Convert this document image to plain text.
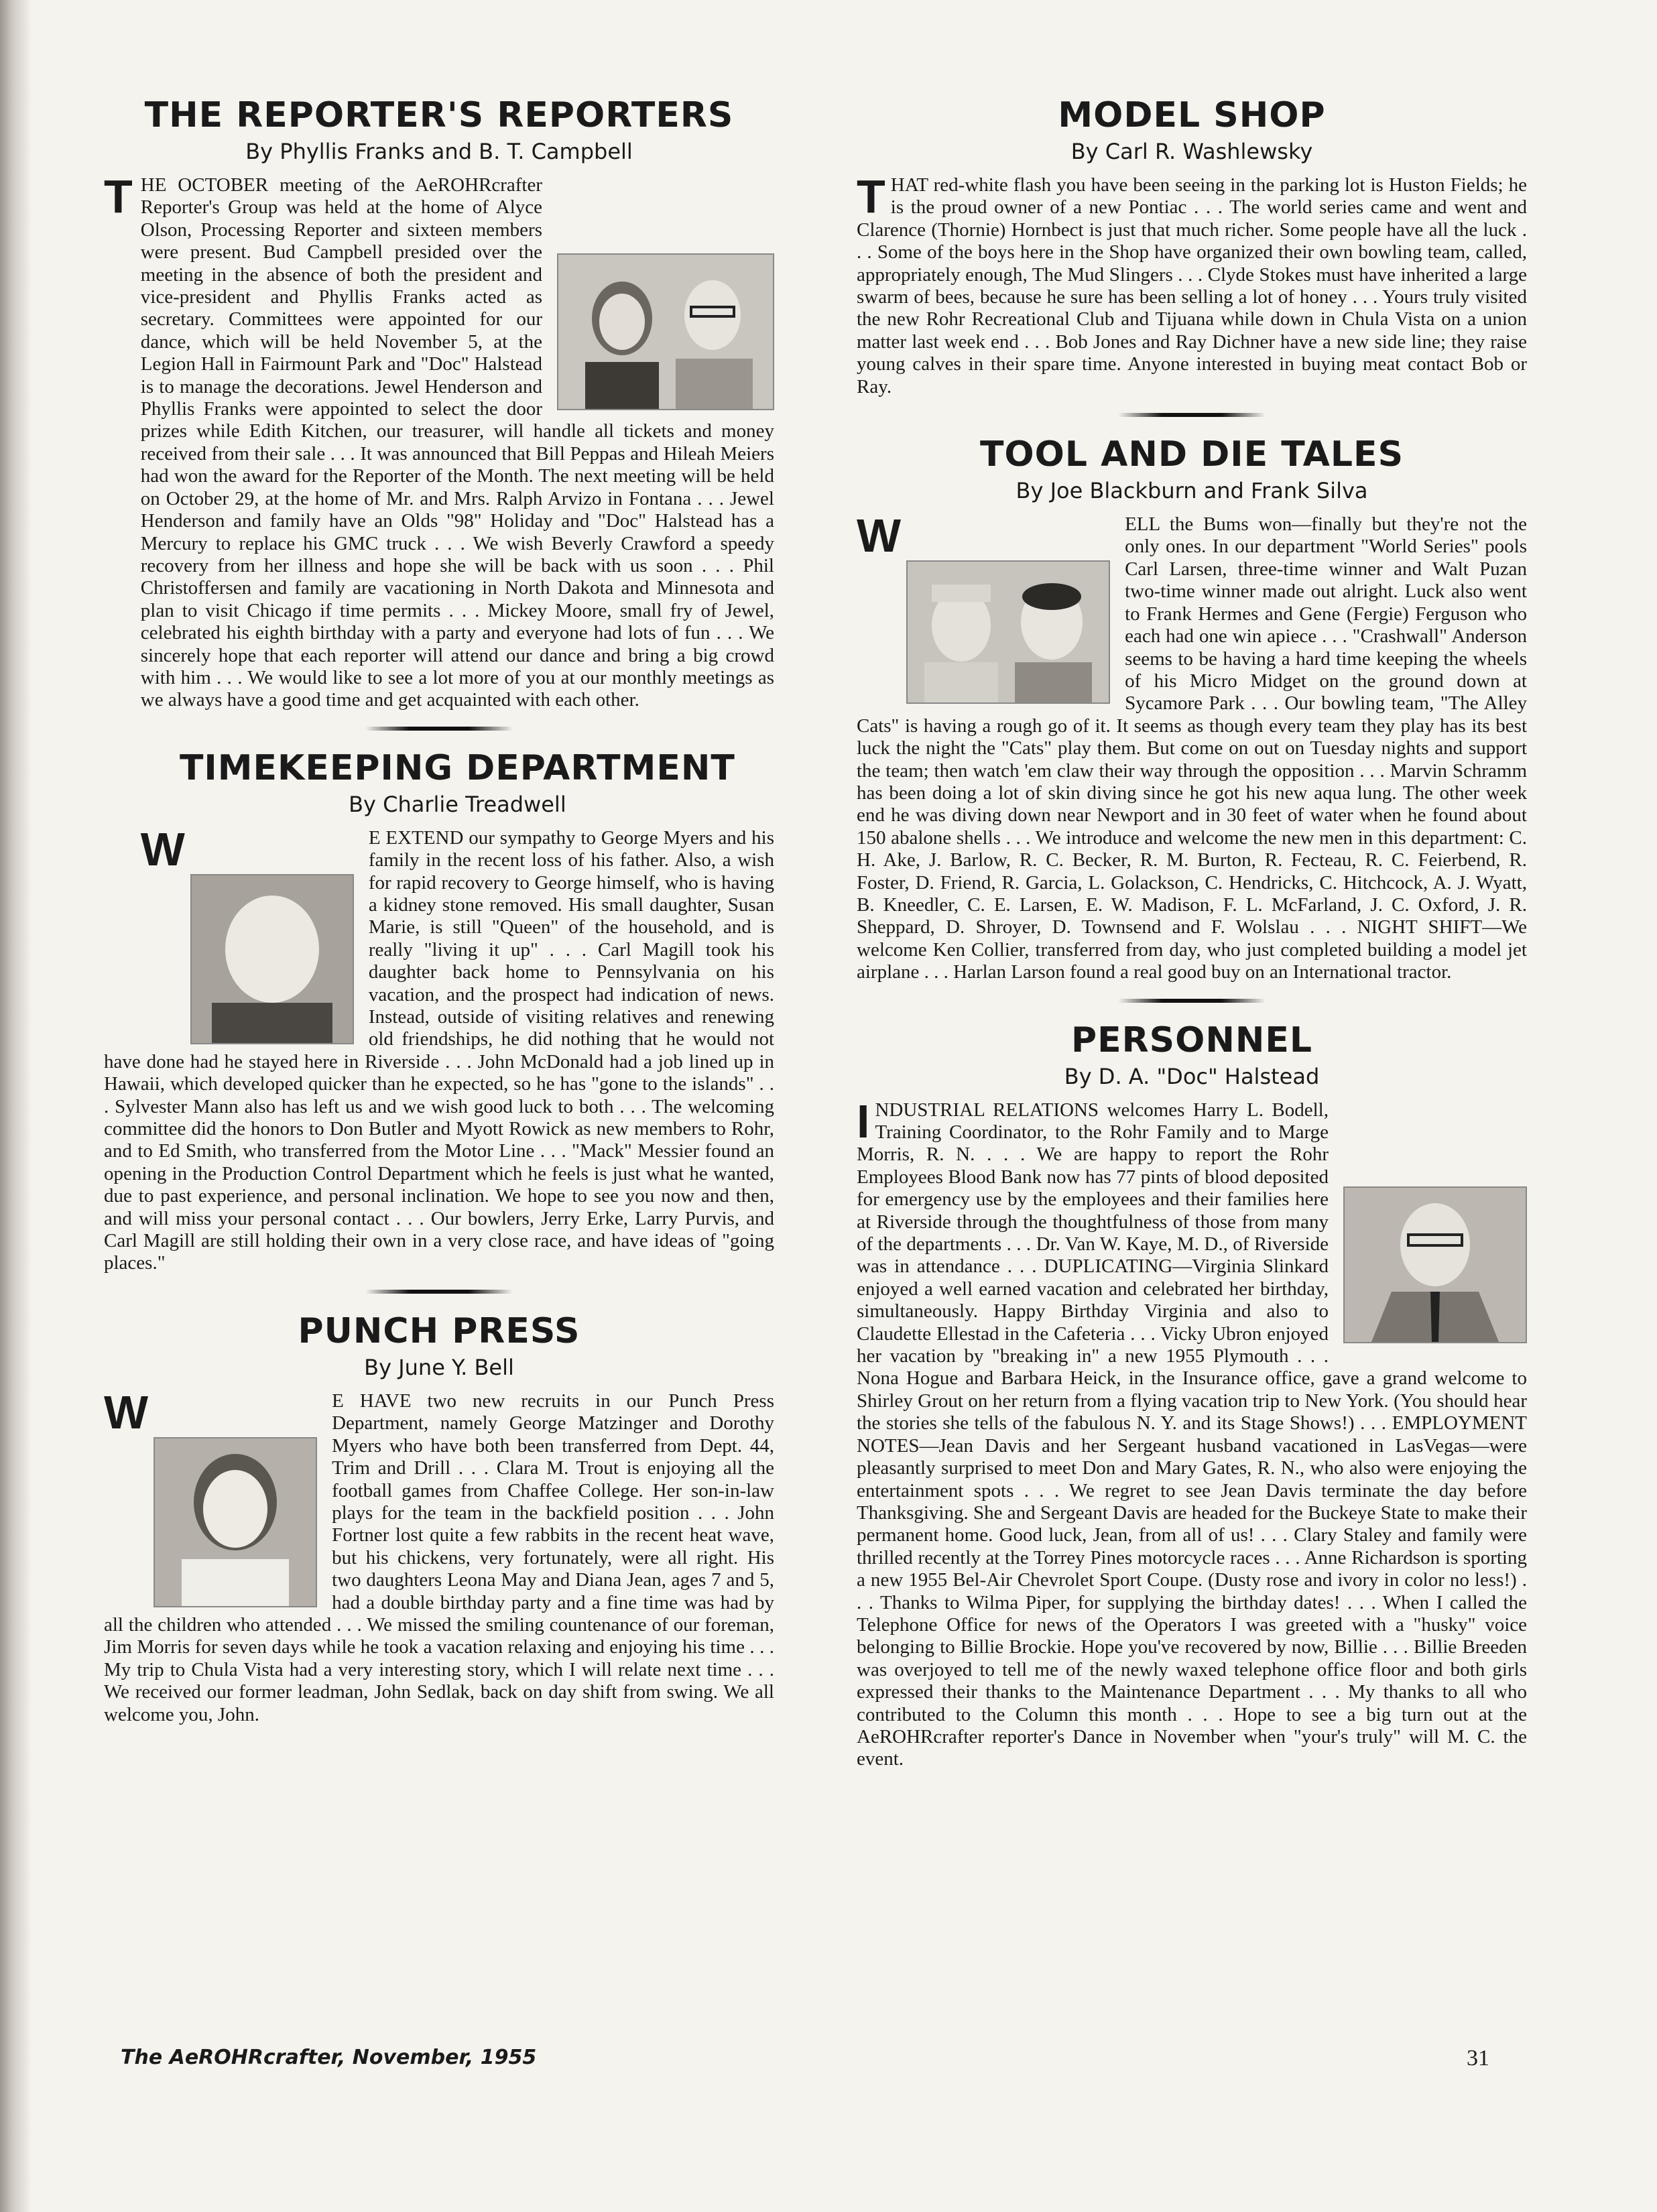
THE REPORTER'S REPORTERS
By Phyllis Franks and B. T. Campbell

T HE OCTOBER meeting of the AeROHRcrafter Reporter's Group was held at the home of Alyce Olson, Processing Reporter and sixteen members were present. Bud Campbell presided over the meeting in the absence of both the president and vice-president and Phyllis Franks acted as secretary. Committees were appointed for our dance, which will be held November 5, at the Legion Hall in Fairmount Park and "Doc" Halstead is to manage the decorations. Jewel Henderson and Phyllis Franks were appointed to select the door prizes while Edith Kitchen, our treasurer, will handle all tickets and money received from their sale . . . It was announced that Bill Peppas and Hileah Meiers had won the award for the Reporter of the Month. The next meeting will be held on October 29, at the home of Mr. and Mrs. Ralph Arvizo in Fontana . . . Jewel Henderson and family have an Olds "98" Holiday and "Doc" Halstead has a Mercury to replace his GMC truck . . . We wish Beverly Crawford a speedy recovery from her illness and hope she will be back with us soon . . . Phil Christoffersen and family are vacationing in North Dakota and Minnesota and plan to visit Chicago if time permits . . . Mickey Moore, small fry of Jewel, celebrated his eighth birthday with a party and everyone had lots of fun . . . We sincerely hope that each reporter will attend our dance and bring a big crowd with him . . . We would like to see a lot more of you at our monthly meetings as we always have a good time and get acquainted with each other.

TIMEKEEPING DEPARTMENT
By Charlie Treadwell

W	E EXTEND our sympathy to George Myers and his family in the recent loss of his father. Also, a wish for rapid recovery to George himself, who is having a kidney stone removed. His small daughter, Susan Marie, is still "Queen" of the household, and is really "living it up" . . . Carl Magill took his daughter back home to Pennsylvania on his vacation, and the prospect had indication of news. Instead, outside of visiting relatives and renewing old friendships, he did nothing that he would not have done had he stayed here in Riverside . . . John McDonald had a job lined up in Hawaii, which developed quicker than he expected, so he has "gone to the islands" . . . Sylvester Mann also has left us and we wish good luck to both . . . The welcoming committee did the honors to Don Butler and Myott Rowick as new members to Rohr, and to Ed Smith, who transferred from the Motor Line . . . "Mack" Messier found an opening in the Production Control Department which he feels is just what he wanted, due to past experience, and personal inclination. We hope to see you now and then, and will miss your personal contact . . . Our bowlers, Jerry Erke, Larry Purvis, and Carl Magill are still holding their own in a very close race, and have ideas of "going places."

PUNCH PRESS
By June Y. Bell

W	E HAVE two new recruits in our Punch Press Department, namely George Matzinger and Dorothy Myers who have both been transferred from Dept. 44, Trim and Drill . . . Clara M. Trout is enjoying all the football games from Chaffee College. Her son-in-law plays for the team in the backfield position . . . John Fortner lost quite a few rabbits in the recent heat wave, but his chickens, very fortunately, were all right. His two daughters Leona May and Diana Jean, ages 7 and 5, had a double birthday party and a fine time was had by all the children who attended . . . We missed the smiling countenance of our foreman, Jim Morris for seven days while he took a vacation relaxing and enjoying his time . . . My trip to Chula Vista had a very interesting story, which I will relate next time . . . We received our former leadman, John Sedlak, back on day shift from swing. We all welcome you, John.

MODEL SHOP
By Carl R. Washlewsky

T HAT red-white flash you have been seeing in the parking lot is Huston Fields; he is the proud owner of a new Pontiac . . . The world series came and went and Clarence (Thornie) Hornbect is just that much richer. Some people have all the luck . . . Some of the boys here in the Shop have organized their own bowling team, called, appropriately enough, The Mud Slingers . . . Clyde Stokes must have inherited a large swarm of bees, because he sure has been selling a lot of honey . . . Yours truly visited the new Rohr Recreational Club and Tijuana while down in Chula Vista on a union matter last week end . . . Bob Jones and Ray Dichner have a new side line; they raise young calves in their spare time. Anyone interested in buying meat contact Bob or Ray.

TOOL AND DIE TALES
By Joe Blackburn and Frank Silva

W	ELL the Bums won—finally but they're not the only ones. In our department "World Series" pools Carl Larsen, three-time winner and Walt Puzan two-time winner made out alright. Luck also went to Frank Hermes and Gene (Fergie) Ferguson who each had one win apiece . . . "Crashwall" Anderson seems to be having a hard time keeping the wheels of his Micro Midget on the ground down at Sycamore Park . . . Our bowling team, "The Alley Cats" is having a rough go of it. It seems as though every team they play has its best luck the night the "Cats" play them. But come on out on Tuesday nights and support the team; then watch 'em claw their way through the opposition . . . Marvin Schramm has been doing a lot of skin diving since he got his new aqua lung. The other week end he was diving down near Newport and in 30 feet of water when he found about 150 abalone shells . . . We introduce and welcome the new men in this department: C. H. Ake, J. Barlow, R. C. Becker, R. M. Burton, R. Fecteau, R. C. Feierbend, R. Foster, D. Friend, R. Garcia, L. Golackson, C. Hendricks, C. Hitchcock, A. J. Wyatt, B. Kneedler, C. E. Larsen, E. W. Madison, F. L. McFarland, J. C. Oxford, J. R. Sheppard, D. Shroyer, D. Townsend and F. Wolslau . . . NIGHT SHIFT—We welcome Ken Collier, transferred from day, who just completed building a model jet airplane . . . Harlan Larson found a real good buy on an International tractor.

PERSONNEL
By D. A. "Doc" Halstead

I NDUSTRIAL RELATIONS welcomes Harry L. Bodell, Training Coordinator, to the Rohr Family and to Marge Morris, R. N. . . . We are happy to report the Rohr Employees Blood Bank now has 77 pints of blood deposited for emergency use by the employees and their families here at Riverside through the thoughtfulness of those from many of the departments . . . Dr. Van W. Kaye, M. D., of Riverside was in attendance . . . DUPLICATING—Virginia Slinkard enjoyed a well earned vacation and celebrated her birthday, simultaneously. Happy Birthday Virginia and also to Claudette Ellestad in the Cafeteria . . . Vicky Ubron enjoyed her vacation by "breaking in" a new 1955 Plymouth . . . Nona Hogue and Barbara Heick, in the Insurance office, gave a grand welcome to Shirley Grout on her return from a flying vacation trip to New York. (You should hear the stories she tells of the fabulous N. Y. and its Stage Shows!) . . . EMPLOYMENT NOTES—Jean Davis and her Sergeant husband vacationed in LasVegas—were pleasantly surprised to meet Don and Mary Gates, R. N., who also were enjoying the entertainment spots . . . We regret to see Jean Davis terminate the day before Thanksgiving. She and Sergeant Davis are headed for the Buckeye State to make their permanent home. Good luck, Jean, from all of us! . . . Clary Staley and family were thrilled recently at the Torrey Pines motorcycle races . . . Anne Richardson is sporting a new 1955 Bel-Air Chevrolet Sport Coupe. (Dusty rose and ivory in color no less!) . . . Thanks to Wilma Piper, for supplying the birthday dates! . . . When I called the Telephone Office for news of the Operators I was greeted with a "husky" voice belonging to Billie Brockie. Hope you've recovered by now, Billie . . . Billie Breeden was overjoyed to tell me of the newly waxed telephone office floor and both girls expressed their thanks to the Maintenance Department . . . My thanks to all who contributed to the Column this month . . . Hope to see a big turn out at the AeROHRcrafter reporter's Dance in November when "your's truly" will M. C. the event.

The AeROHRcrafter, November, 1955	31
